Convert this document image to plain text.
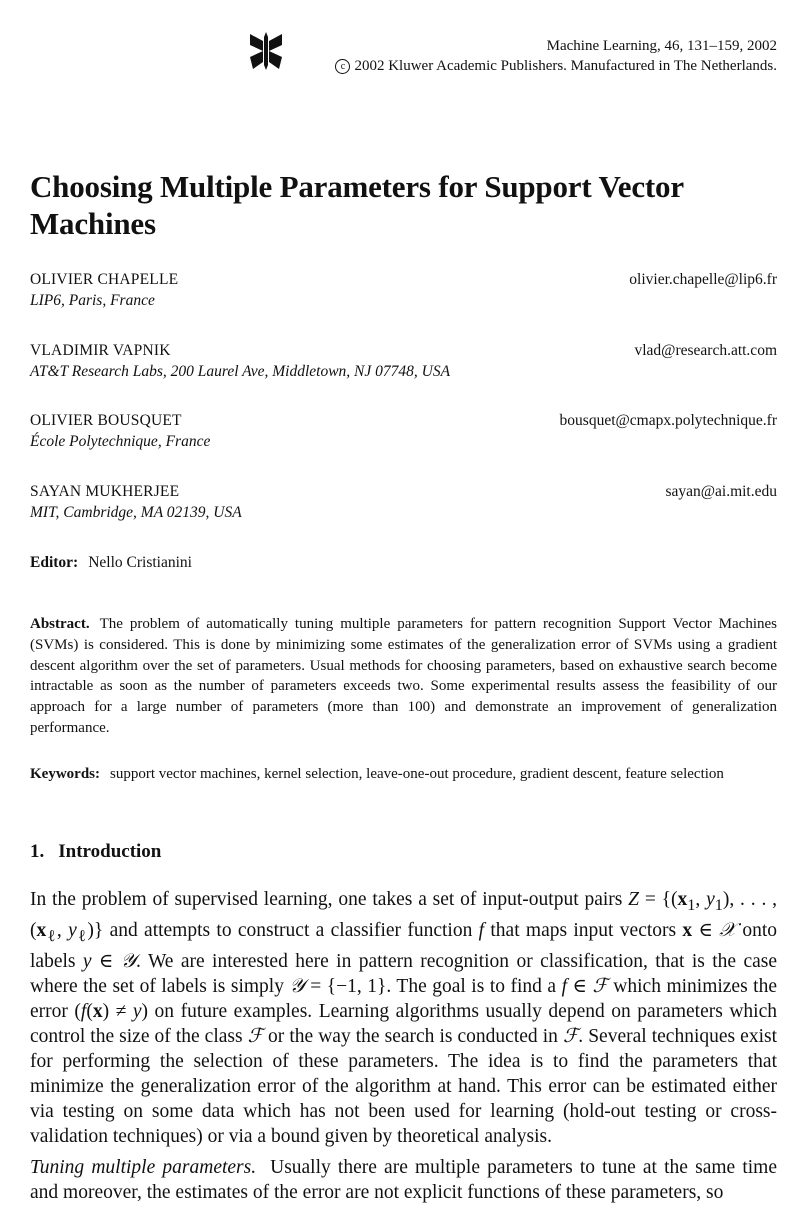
Machine Learning, 46, 131–159, 2002
c 2002 Kluwer Academic Publishers. Manufactured in The Netherlands.
Choosing Multiple Parameters for Support Vector Machines
OLIVIER CHAPELLE
LIP6, Paris, France
olivier.chapelle@lip6.fr
VLADIMIR VAPNIK
AT&T Research Labs, 200 Laurel Ave, Middletown, NJ 07748, USA
vlad@research.att.com
OLIVIER BOUSQUET
École Polytechnique, France
bousquet@cmapx.polytechnique.fr
SAYAN MUKHERJEE
MIT, Cambridge, MA 02139, USA
sayan@ai.mit.edu
Editor: Nello Cristianini

Abstract. The problem of automatically tuning multiple parameters for pattern recognition Support Vector Machines (SVMs) is considered. This is done by minimizing some estimates of the generalization error of SVMs using a gradient descent algorithm over the set of parameters. Usual methods for choosing parameters, based on exhaustive search become intractable as soon as the number of parameters exceeds two. Some experimental results assess the feasibility of our approach for a large number of parameters (more than 100) and demonstrate an improvement of generalization performance.

Keywords: support vector machines, kernel selection, leave-one-out procedure, gradient descent, feature selection

1. Introduction

In the problem of supervised learning, one takes a set of input-output pairs $Z = \{(x_1$, $y_1$), . . . , ($x_\ell$, $y_\ell$)} and attempts to construct a classifier function f that maps input vectors x ∈ 𝒳 onto labels y ∈ 𝒴. We are interested here in pattern recognition or classification, that is the case where the set of labels is simply 𝒴 = {−1, 1}. The goal is to find a f ∈ ℱ which minimizes the error (f(x) ≠ y) on future examples. Learning algorithms usually depend on parameters which control the size of the class ℱ or the way the search is conducted in ℱ. Several techniques exist for performing the selection of these parameters. The idea is to find the parameters that minimize the generalization error of the algorithm at hand. This error can be estimated either via testing on some data which has not been used for learning (hold-out testing or cross-validation techniques) or via a bound given by theoretical analysis.

Tuning multiple parameters. Usually there are multiple parameters to tune at the same time and moreover, the estimates of the error are not explicit functions of these parameters, so
